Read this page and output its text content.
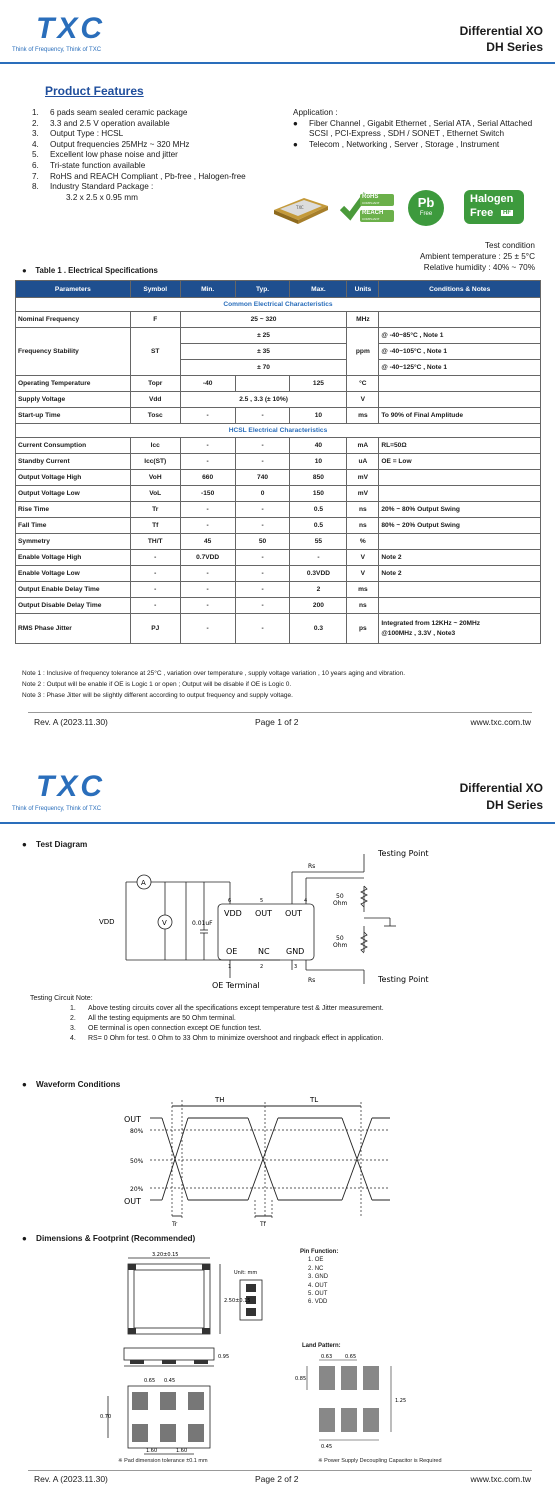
TXC
Think of Frequency, Think of TXC
Differential XO
DH Series
Product Features
1.	6 pads seam sealed ceramic package
2.	3.3 and 2.5 V operation available
3.	Output Type : HCSL
4.	Output frequencies 25MHz ~ 320 MHz
5.	Excellent low phase noise and jitter
6.	Tri-state function available
7.	RoHS and REACH Compliant , Pb-free , Halogen-free
8.	Industry Standard Package :
3.2 x 2.5 x 0.95 mm
Application :
●	Fiber Channel , Gigabit Ethernet , Serial ATA , Serial Attached SCSI , PCI-Express , SDH / SONET , Ethernet Switch
●	Telecom , Networking , Server , Storage , Instrument
TXC
RoHS
COMPLIANT
REACH
COMPLIANT
Pb
Free
Halogen
Free	HF
Test condition
Ambient temperature : 25 ± 5°C
Relative humidity : 40% ~ 70%
●    Table 1 . Electrical Specifications
Parameters	Symbol	Min.	Typ.	Max.	Units	Conditions & Notes
Common Electrical Characteristics						
Nominal Frequency	F	25 ~ 320			MHz	
Frequency Stability	ST	± 25			ppm	@ -40~85°C , Note 1
		± 35				@ -40~105°C , Note 1
		± 70				@ -40~125°C , Note 1
Operating Temperature	Topr	-40		125	°C	
Supply Voltage	Vdd	2.5 , 3.3 (± 10%)			V	
Start-up Time	Tosc	-	-	10	ms	To 90% of Final Amplitude
HCSL Electrical Characteristics						
Current Consumption	Icc	-	-	40	mA	RL=50Ω
Standby Current	Icc(ST)	-	-	10	uA	OE = Low
Output Voltage High	VoH	660	740	850	mV	
Output Voltage Low	VoL	-150	0	150	mV	
Rise Time	Tr	-	-	0.5	ns	20% ~ 80% Output Swing
Fall Time	Tf	-	-	0.5	ns	80% ~ 20% Output Swing
Symmetry	TH/T	45	50	55	%	
Enable Voltage High	-	0.7VDD	-	-	V	Note 2
Enable Voltage Low	-	-	-	0.3VDD	V	Note 2
Output Enable Delay Time	-	-	-	2	ms	
Output Disable Delay Time	-	-	-	200	ns	
RMS Phase Jitter	PJ	-	-	0.3	ps	Integrated from 12KHz ~ 20MHz
@100MHz , 3.3V , Note3
Note 1 : Inclusive of frequency tolerance at 25°C , variation over temperature , supply voltage variation , 10 years aging and vibration.
Note 2 : Output will be enable if OE is Logic 1 or open ; Output will be disable if OE is Logic 0.
Note 3 : Phase Jitter will be slightly different according to output frequency and supply voltage.
Rev. A (2023.11.30)	Page 1 of 2	www.txc.com.tw
TXC
Think of Frequency, Think of TXC
Differential XO
DH Series
●    Test Diagram
A
V
VDD	0.01uF
VDD OUT OUT
OE	NC GND
6	5	4
1	2	3
Rs
Rs
50
Ohm
50
Ohm
Testing Point
Testing Point
OE Terminal
Testing Circuit Note:
1.	Above testing circuits cover all the specifications except temperature test & Jitter measurement.
2.	All the testing equipments are 50 Ohm terminal.
3.	OE terminal is open connection except OE function test.
4.	RS= 0 Ohm for test. 0 Ohm to 33 Ohm to minimize overshoot and ringback effect in application.
●    Waveform Conditions
TH	TL
OUT
OUT
80%
50%
20%
Tr	Tf
●    Dimensions & Footprint (Recommended)
Unit: mm
3.20±0.15
2.50±0.15
0.95
0.65 0.45
1.60	1.60
0.70
Pin Function:
1. OE
2. NC
3. GND
4. OUT
5. OUT
6. VDD
Land Pattern:
0.63	0.65
0.85
0.45
1.25
※ Pad dimension tolerance ±0.1 mm	※ Power Supply Decoupling Capacitor is Required
Rev. A (2023.11.30)	Page 2 of 2	www.txc.com.tw
